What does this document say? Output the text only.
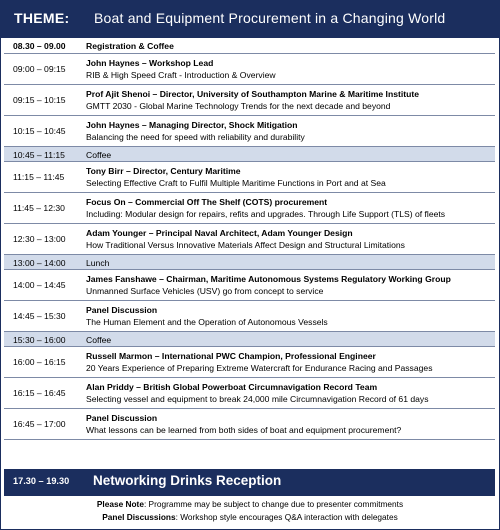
THEME: Boat and Equipment Procurement in a Changing World
08.30 – 09.00 Registration & Coffee
09:00 – 09:15
John Haynes – Workshop Lead
RIB & High Speed Craft - Introduction & Overview
09:15 – 10:15
Prof Ajit Shenoi – Director, University of Southampton Marine & Maritime Institute
GMTT 2030 - Global Marine Technology Trends for the next decade and beyond
10:15 – 10:45
John Haynes – Managing Director, Shock Mitigation
Balancing the need for speed with reliability and durability
10:45 – 11:15 Coffee
11:15 – 11:45
Tony Birr – Director, Century Maritime
Selecting Effective Craft to Fulfil Multiple Maritime Functions in Port and at Sea
11:45 – 12:30
Focus On – Commercial Off The Shelf (COTS) procurement
Including: Modular design for repairs, refits and upgrades. Through Life Support (TLS) of fleets
12:30 – 13:00
Adam Younger – Principal Naval Architect, Adam Younger Design
How Traditional Versus Innovative Materials Affect Design and Structural Limitations
13:00 – 14:00 Lunch
14:00 – 14:45
James Fanshawe – Chairman, Maritime Autonomous Systems Regulatory Working Group
Unmanned Surface Vehicles (USV) go from concept to service
14:45 – 15:30
Panel Discussion
The Human Element and the Operation of Autonomous Vessels
15:30 – 16:00 Coffee
16:00 – 16:15
Russell Marmon – International PWC Champion, Professional Engineer
20 Years Experience of Preparing Extreme Watercraft for Endurance Racing and Passages
16:15 – 16:45
Alan Priddy – British Global Powerboat Circumnavigation Record Team
Selecting vessel and equipment to break 24,000 mile Circumnavigation Record of 61 days
16:45 – 17:00
Panel Discussion
What lessons can be learned from both sides of boat and equipment procurement?
17.30 – 19.30 Networking Drinks Reception
Please Note: Programme may be subject to change due to presenter commitments
Panel Discussions: Workshop style encourages Q&A interaction with delegates
